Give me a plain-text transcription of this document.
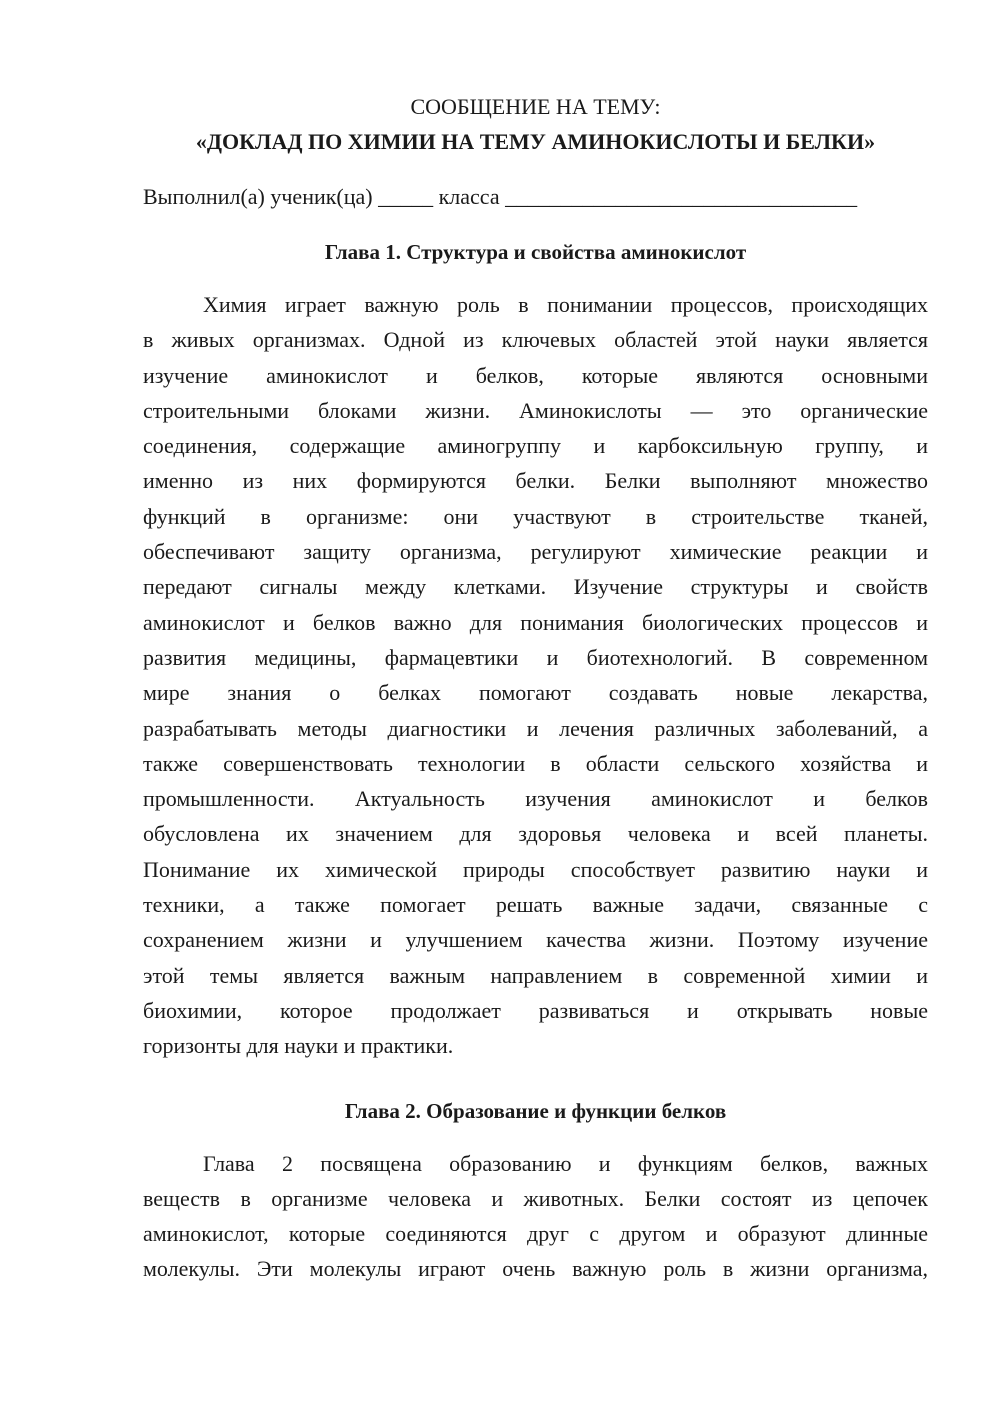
СООБЩЕНИЕ НА ТЕМУ:

«ДОКЛАД ПО ХИМИИ НА ТЕМУ АМИНОКИСЛОТЫ И БЕЛКИ»
Выполнил(а) ученик(ца) _____ класса ________________________________
Глава 1. Структура и свойства аминокислот
Химия играет важную роль в понимании процессов, происходящих
в живых организмах. Одной из ключевых областей этой науки является
изучение аминокислот и белков, которые являются основными
строительными блоками жизни. Аминокислоты — это органические
соединения, содержащие аминогруппу и карбоксильную группу, и
именно из них формируются белки. Белки выполняют множество
функций в организме: они участвуют в строительстве тканей,
обеспечивают защиту организма, регулируют химические реакции и
передают сигналы между клетками. Изучение структуры и свойств
аминокислот и белков важно для понимания биологических процессов и
развития медицины, фармацевтики и биотехнологий. В современном
мире знания о белках помогают создавать новые лекарства,
разрабатывать методы диагностики и лечения различных заболеваний, а
также совершенствовать технологии в области сельского хозяйства и
промышленности. Актуальность изучения аминокислот и белков
обусловлена их значением для здоровья человека и всей планеты.
Понимание их химической природы способствует развитию науки и
техники, а также помогает решать важные задачи, связанные с
сохранением жизни и улучшением качества жизни. Поэтому изучение
этой темы является важным направлением в современной химии и
биохимии, которое продолжает развиваться и открывать новые
горизонты для науки и практики.
Глава 2. Образование и функции белков
Глава 2 посвящена образованию и функциям белков, важных
веществ в организме человека и животных. Белки состоят из цепочек
аминокислот, которые соединяются друг с другом и образуют длинные
молекулы. Эти молекулы играют очень важную роль в жизни организма,
